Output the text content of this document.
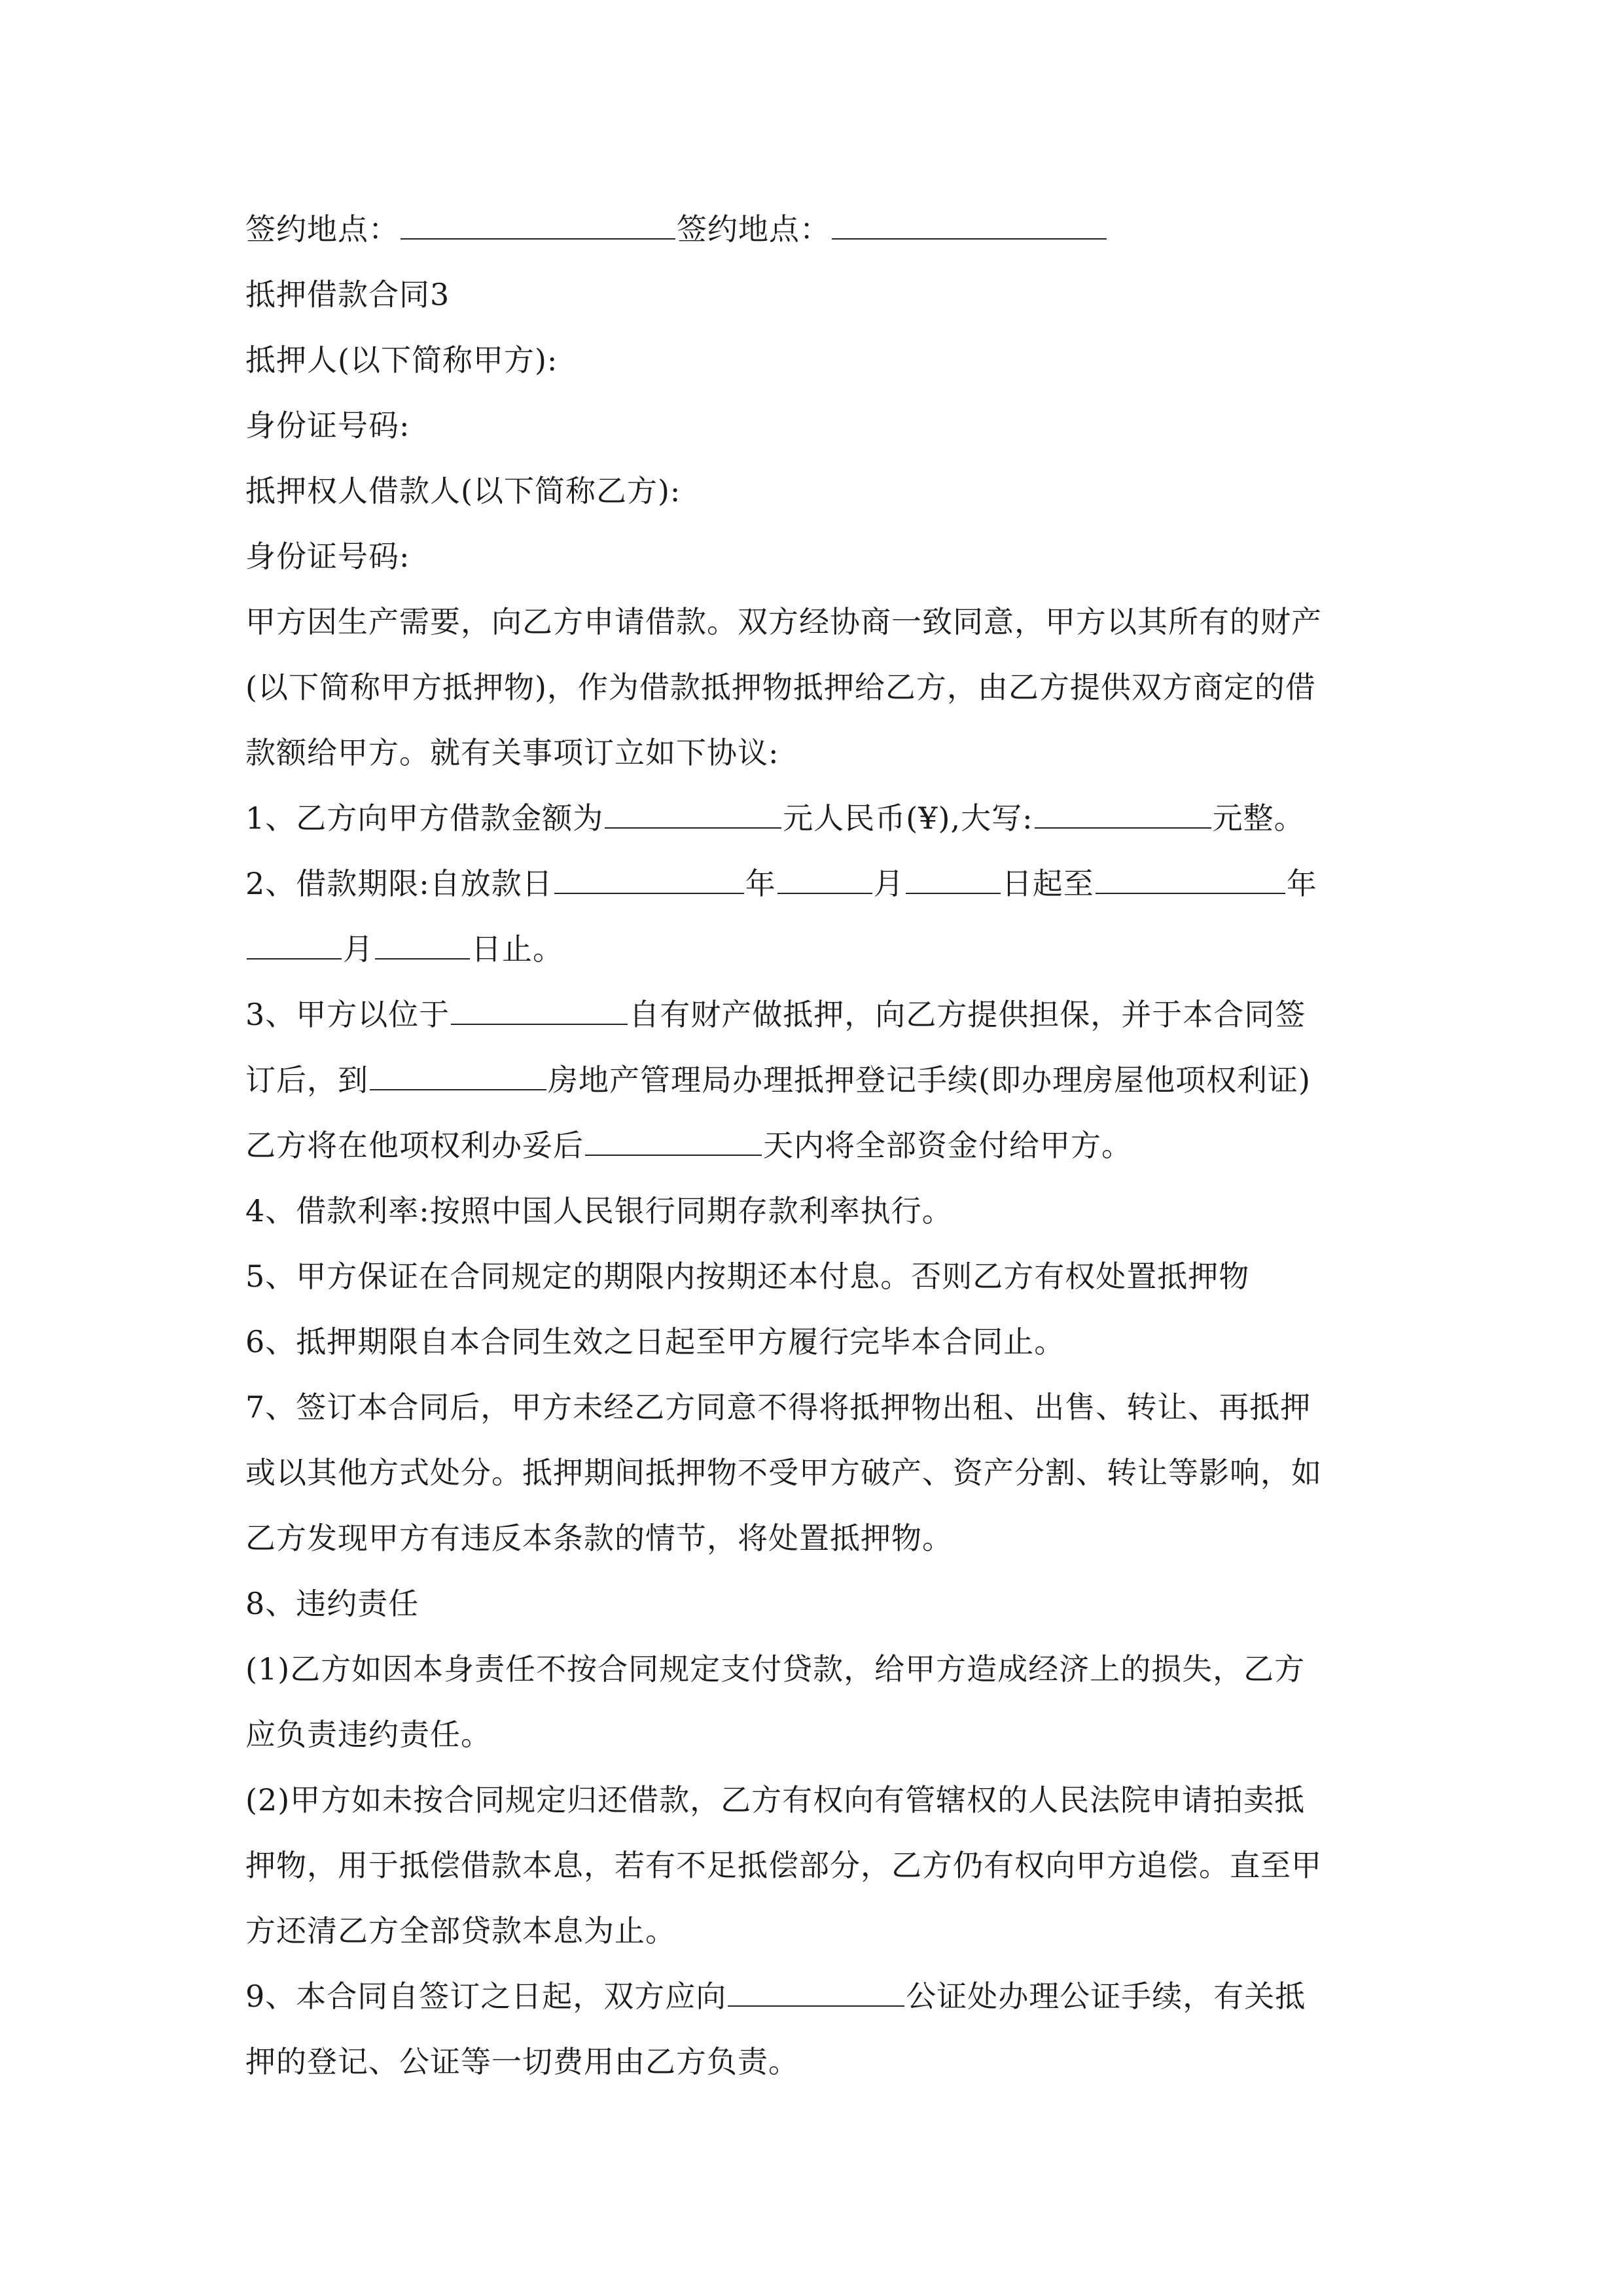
签约地点：	签约地点：
抵押借款合同3
抵押人(以下简称甲方):
身份证号码:
抵押权人借款人(以下简称乙方):
身份证号码:
甲方因生产需要，向乙方申请借款。双方经协商一致同意，甲方以其所有的财产
(以下简称甲方抵押物)，作为借款抵押物抵押给乙方，由乙方提供双方商定的借
款额给甲方。就有关事项订立如下协议:
1、乙方向甲方借款金额为	元人民币(¥),大写:	元整。
2、借款期限:自放款日	年	月	日起至	年
月	日止。
3、甲方以位于	自有财产做抵押，向乙方提供担保，并于本合同签
订后，到	房地产管理局办理抵押登记手续(即办理房屋他项权利证)
乙方将在他项权利办妥后	天内将全部资金付给甲方。
4、借款利率:按照中国人民银行同期存款利率执行。
5、甲方保证在合同规定的期限内按期还本付息。否则乙方有权处置抵押物
6、抵押期限自本合同生效之日起至甲方履行完毕本合同止。
7、签订本合同后，甲方未经乙方同意不得将抵押物出租、出售、转让、再抵押
或以其他方式处分。抵押期间抵押物不受甲方破产、资产分割、转让等影响，如
乙方发现甲方有违反本条款的情节，将处置抵押物。
8、违约责任
(1)乙方如因本身责任不按合同规定支付贷款，给甲方造成经济上的损失，乙方
应负责违约责任。
(2)甲方如未按合同规定归还借款，乙方有权向有管辖权的人民法院申请拍卖抵
押物，用于抵偿借款本息，若有不足抵偿部分，乙方仍有权向甲方追偿。直至甲
方还清乙方全部贷款本息为止。
9、本合同自签订之日起，双方应向	公证处办理公证手续，有关抵
押的登记、公证等一切费用由乙方负责。
